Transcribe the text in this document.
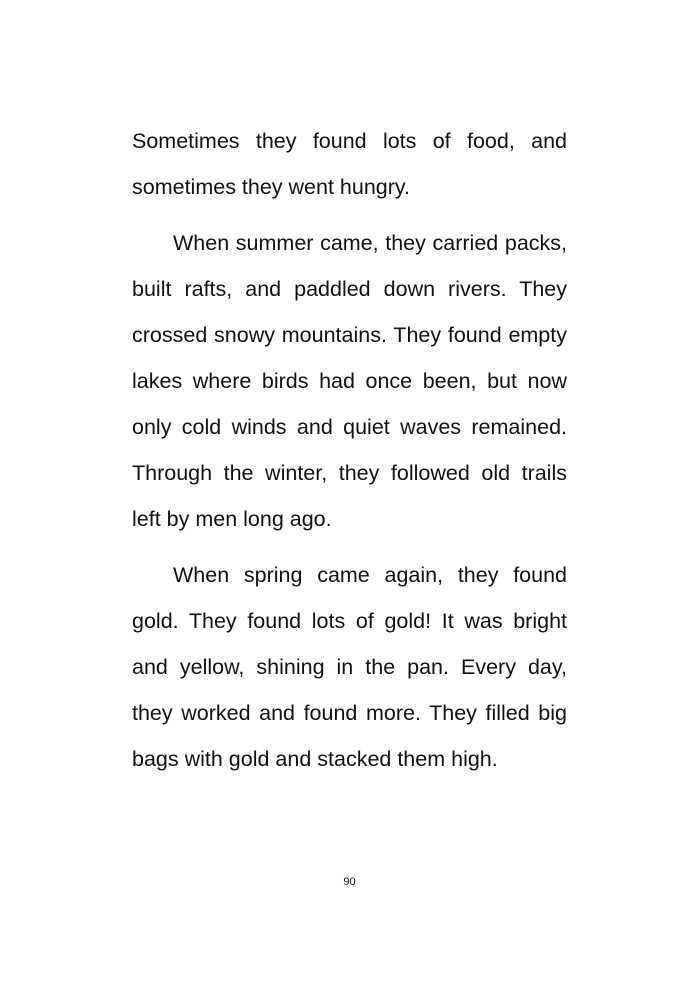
Sometimes they found lots of food, and sometimes they went hungry.

When summer came, they carried packs, built rafts, and paddled down rivers. They crossed snowy mountains. They found empty lakes where birds had once been, but now only cold winds and quiet waves remained. Through the winter, they followed old trails left by men long ago.

When spring came again, they found gold. They found lots of gold! It was bright and yellow, shining in the pan. Every day, they worked and found more. They filled big bags with gold and stacked them high.

90
